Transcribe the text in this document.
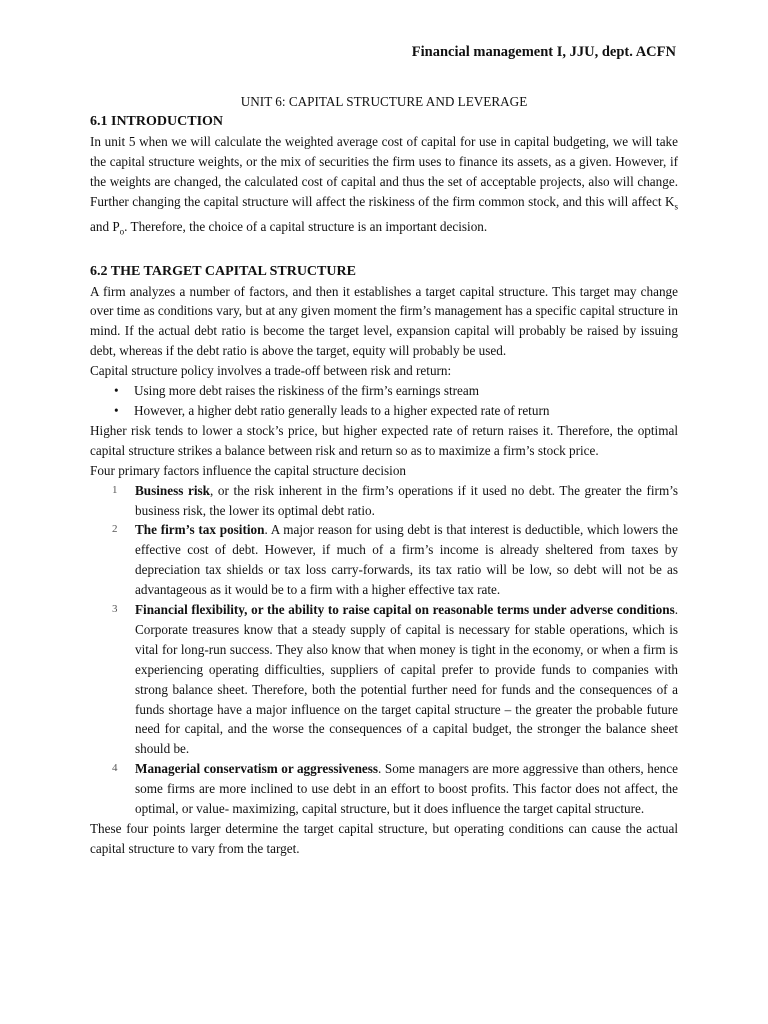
Financial management I, JJU, dept. ACFN

UNIT 6: CAPITAL STRUCTURE AND LEVERAGE

6.1 INTRODUCTION

In unit 5 when we will calculate the weighted average cost of capital for use in capital budgeting, we will take the capital structure weights, or the mix of securities the firm uses to finance its assets, as a given. However, if the weights are changed, the calculated cost of capital and thus the set of acceptable projects, also will change. Further changing the capital structure will affect the riskiness of the firm common stock, and this will affect $K_s$ and $P_o$. Therefore, the choice of a capital structure is an important decision.

6.2 THE TARGET CAPITAL STRUCTURE

A firm analyzes a number of factors, and then it establishes a target capital structure. This target may change over time as conditions vary, but at any given moment the firm’s management has a specific capital structure in mind. If the actual debt ratio is become the target level, expansion capital will probably be raised by issuing debt, whereas if the debt ratio is above the target, equity will probably be used.

Capital structure policy involves a trade-off between risk and return:

• Using more debt raises the riskiness of the firm’s earnings stream
• However, a higher debt ratio generally leads to a higher expected rate of return

Higher risk tends to lower a stock’s price, but higher expected rate of return raises it. Therefore, the optimal capital structure strikes a balance between risk and return so as to maximize a firm’s stock price.

Four primary factors influence the capital structure decision

1 Business risk, or the risk inherent in the firm’s operations if it used no debt. The greater the firm’s business risk, the lower its optimal debt ratio.
2 The firm’s tax position. A major reason for using debt is that interest is deductible, which lowers the effective cost of debt. However, if much of a firm’s income is already sheltered from taxes by depreciation tax shields or tax loss carry-forwards, its tax ratio will be low, so debt will not be as advantageous as it would be to a firm with a higher effective tax rate.
3 Financial flexibility, or the ability to raise capital on reasonable terms under adverse conditions. Corporate treasures know that a steady supply of capital is necessary for stable operations, which is vital for long-run success. They also know that when money is tight in the economy, or when a firm is experiencing operating difficulties, suppliers of capital prefer to provide funds to companies with strong balance sheet. Therefore, both the potential further need for funds and the consequences of a funds shortage have a major influence on the target capital structure – the greater the probable future need for capital, and the worse the consequences of a capital budget, the stronger the balance sheet should be.
4 Managerial conservatism or aggressiveness. Some managers are more aggressive than others, hence some firms are more inclined to use debt in an effort to boost profits. This factor does not affect, the optimal, or value- maximizing, capital structure, but it does influence the target capital structure.

These four points larger determine the target capital structure, but operating conditions can cause the actual capital structure to vary from the target.
